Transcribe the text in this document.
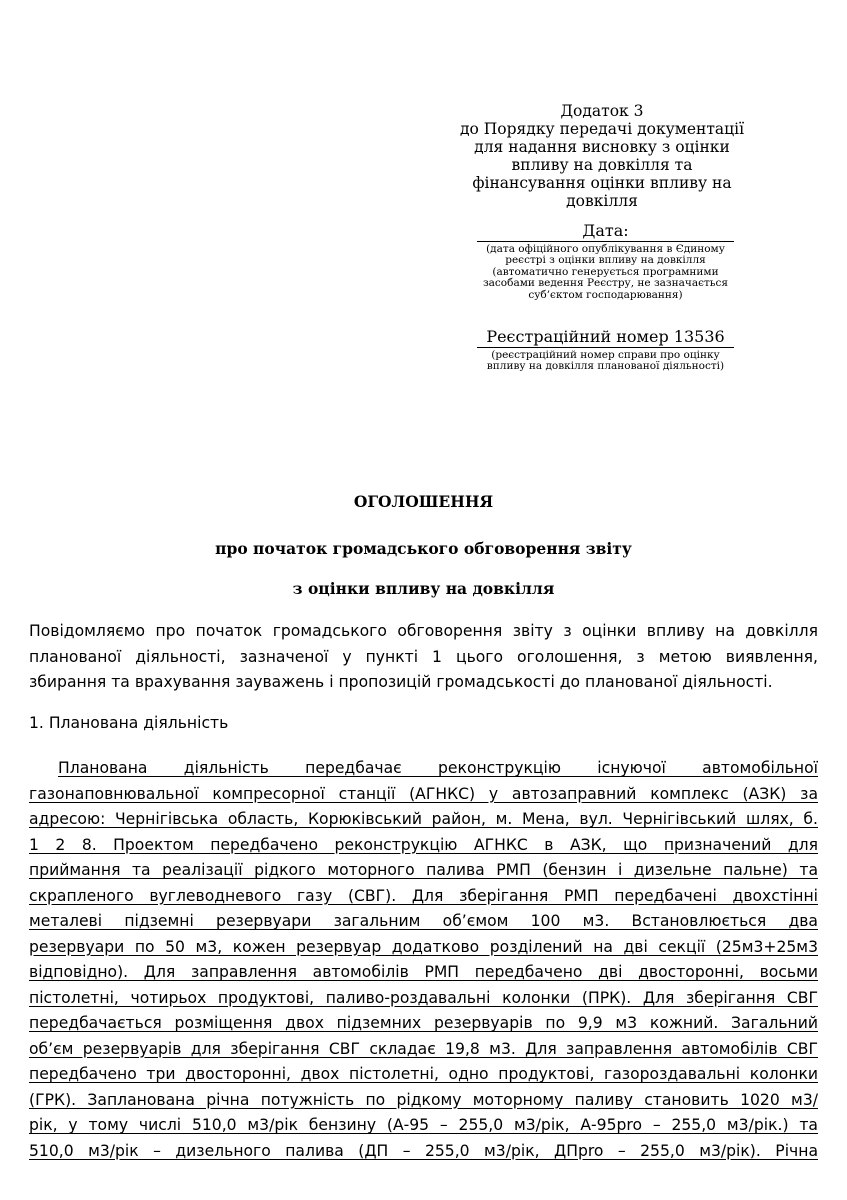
Додаток 3
до Порядку передачі документації
для надання висновку з оцінки
впливу на довкілля та
фінансування оцінки впливу на
довкілля
Дата:
(дата офіційного опублікування в Єдиному
реєстрі з оцінки впливу на довкілля
(автоматично генерується програмними
засобами ведення Реєстру, не зазначається
суб’єктом господарювання)
Реєстраційний номер 13536
(реєстраційний номер справи про оцінку
впливу на довкілля планованої діяльності)
ОГОЛОШЕННЯ
про початок громадського обговорення звіту
з оцінки впливу на довкілля
Повідомляємо про початок громадського обговорення звіту з оцінки впливу на довкілля
планованої діяльності, зазначеної у пункті 1 цього оголошення, з метою виявлення,
збирання та врахування зауважень і пропозицій громадськості до планованої діяльності.
1. Планована діяльність
Планована діяльність передбачає реконструкцію існуючої автомобільної
газонаповнювальної компресорної станції (АГНКС) у автозаправний комплекс (АЗК) за
адресою: Чернігівська область, Корюківський район, м. Мена, вул. Чернігівський шлях, б.
1 2 8. Проектом передбачено реконструкцію АГНКС в АЗК, що призначений для
приймання та реалізації рідкого моторного палива РМП (бензин і дизельне пальне) та
скрапленого вуглеводневого газу (СВГ). Для зберігання РМП передбачені двохстінні
металеві підземні резервуари загальним об’ємом 100 м3. Встановлюється два
резервуари по 50 м3, кожен резервуар додатково розділений на дві секції (25м3+25м3
відповідно). Для заправлення автомобілів РМП передбачено дві двосторонні, восьми
пістолетні, чотирьох продуктові, паливо-роздавальні колонки (ПРК). Для зберігання СВГ
передбачається розміщення двох підземних резервуарів по 9,9 м3 кожний. Загальний
об’єм резервуарів для зберігання СВГ складає 19,8 м3. Для заправлення автомобілів СВГ
передбачено три двосторонні, двох пістолетні, одно продуктові, газороздавальні колонки
(ГРК). Запланована річна потужність по рідкому моторному паливу становить 1020 м3/
рік, у тому числі 510,0 м3/рік бензину (А-95 – 255,0 м3/рік, А-95pro – 255,0 м3/рік.) та
510,0 м3/рік – дизельного палива (ДП – 255,0 м3/рік, ДПpro – 255,0 м3/рік). Річна
